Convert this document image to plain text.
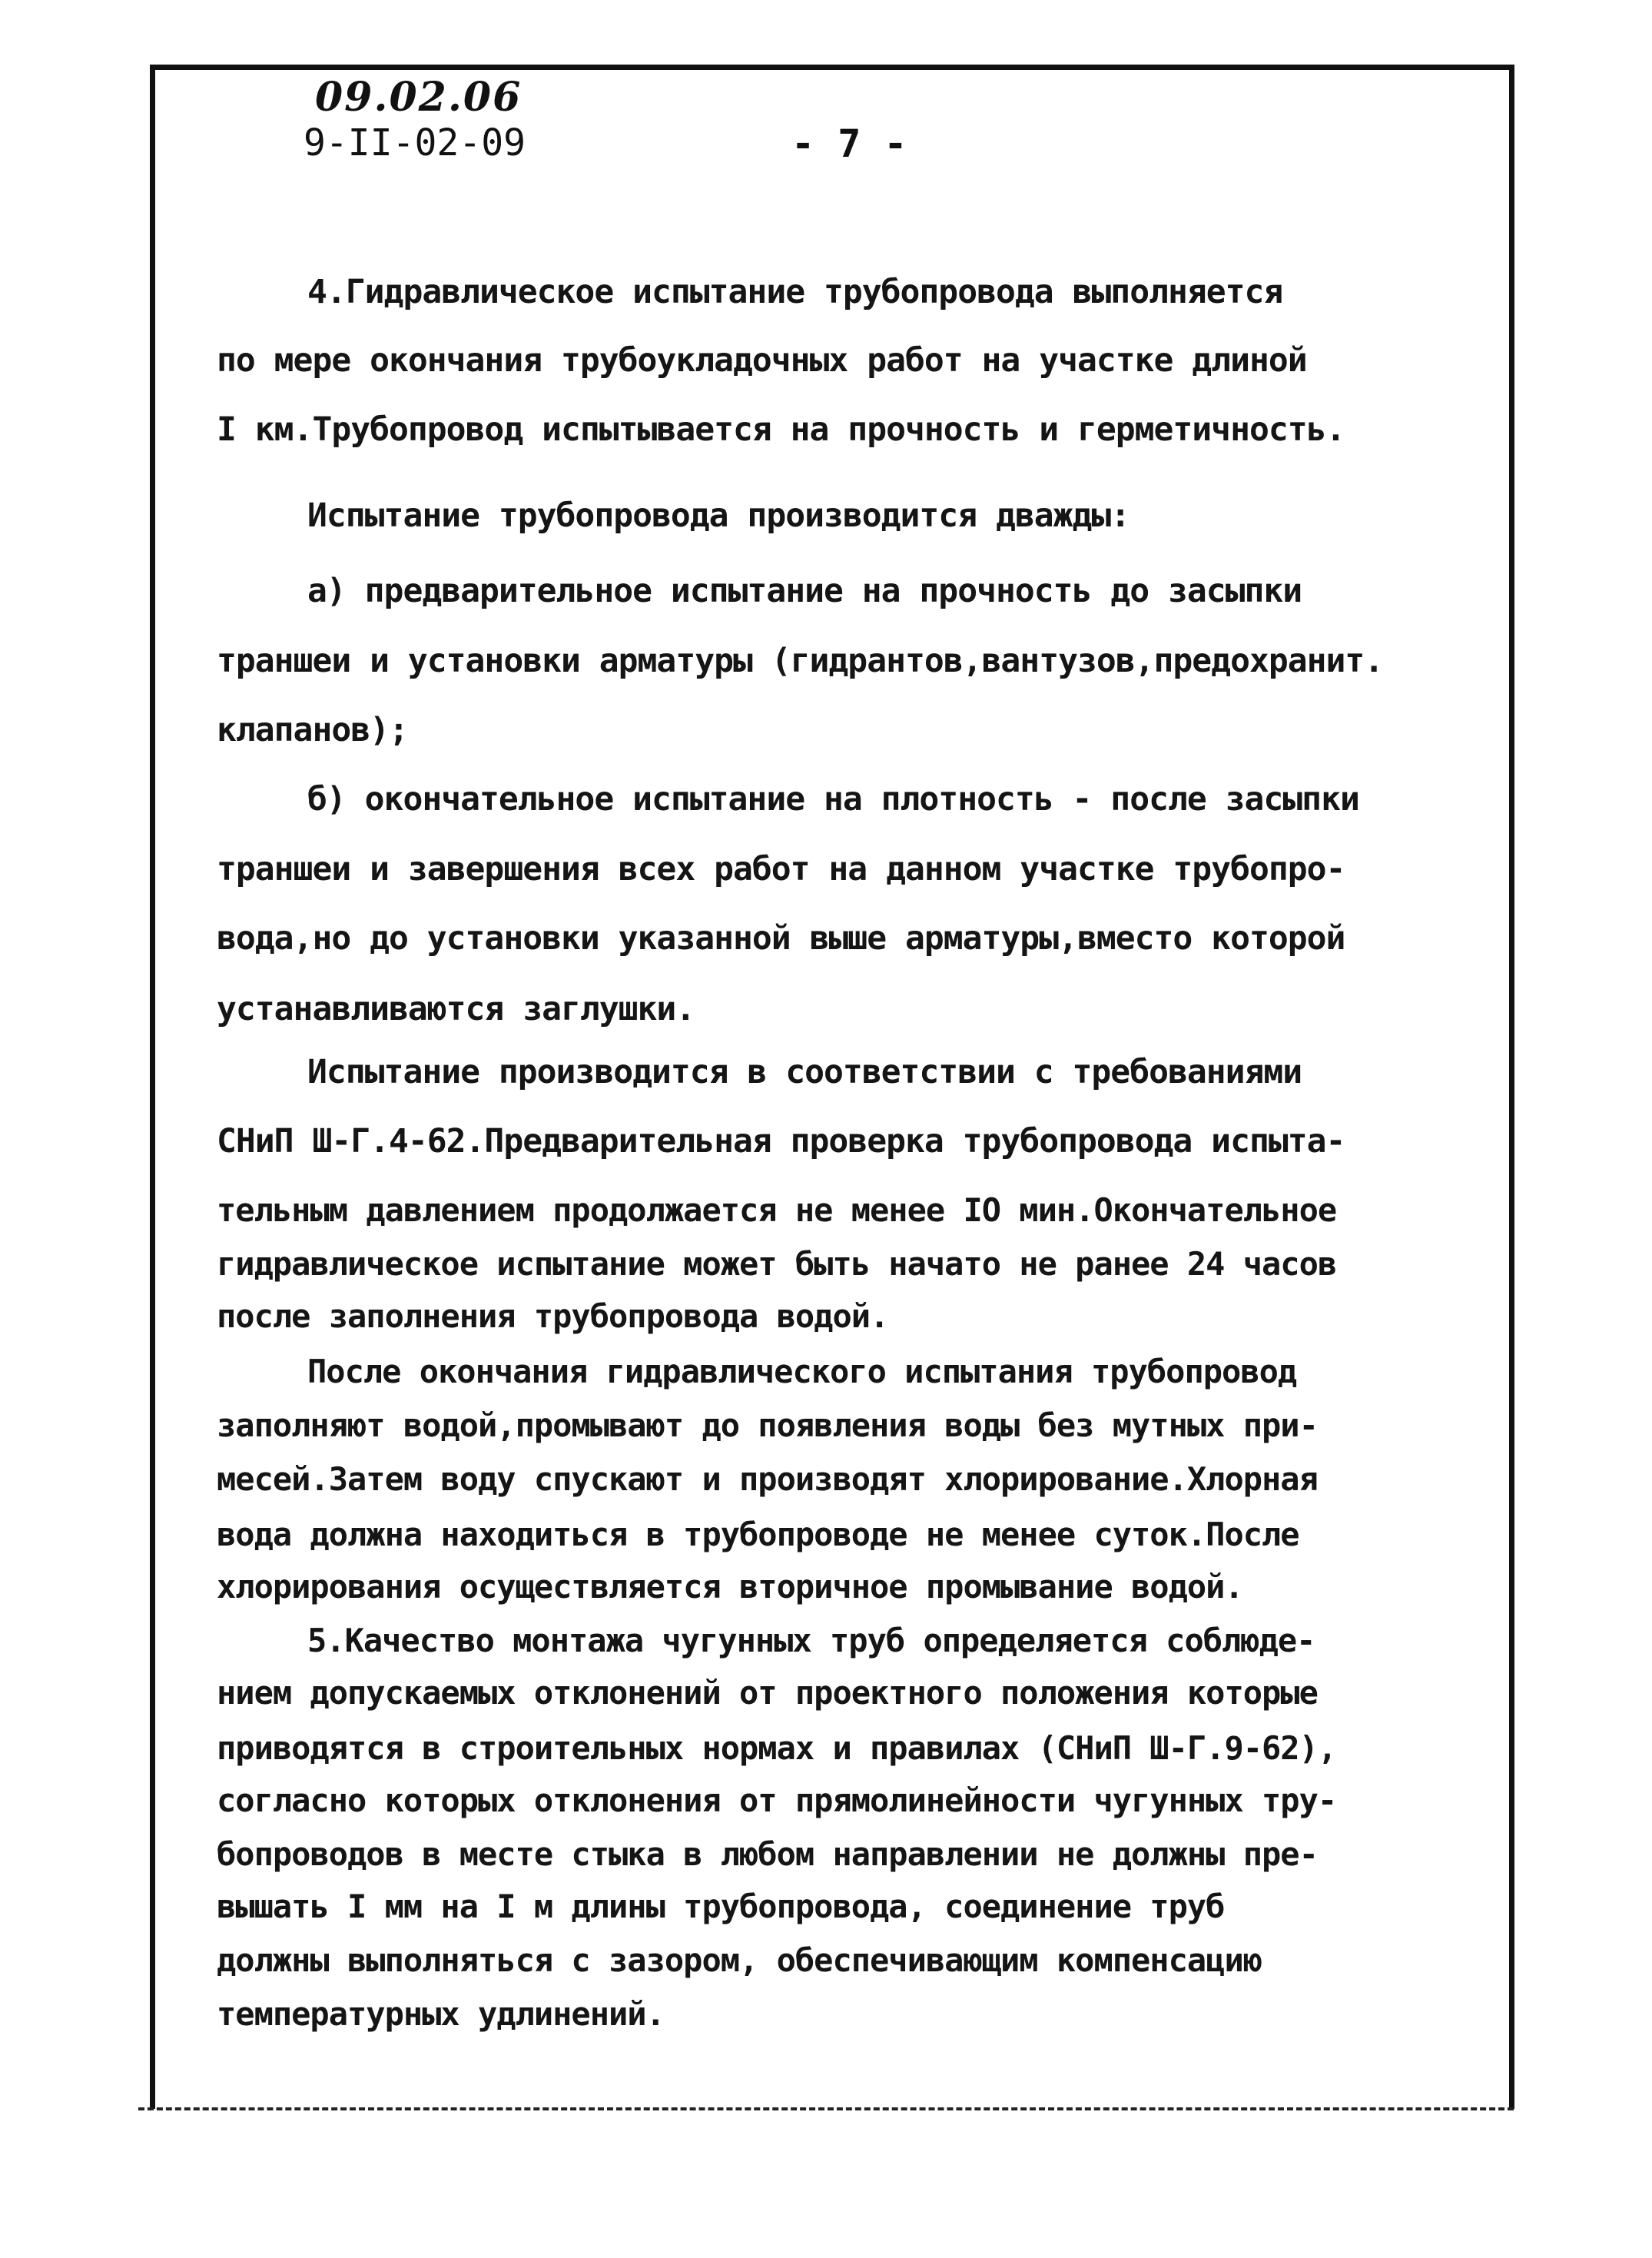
09.02.06
9-II-02-09	- 7 -
4.Гидравлическое испытание трубопровода выполняется
по мере окончания трубоукладочных работ на участке длиной
I км.Трубопровод испытывается на прочность и герметичность.
Испытание трубопровода производится дважды:
а) предварительное испытание на прочность до засыпки
траншеи и установки арматуры (гидрантов,вантузов,предохранит.
клапанов);
б) окончательное испытание на плотность - после засыпки
траншеи и завершения всех работ на данном участке трубопро-
вода,но до установки указанной выше арматуры,вместо которой
устанавливаются заглушки.
Испытание производится в соответствии с требованиями
СНиП Ш-Г.4-62.Предварительная проверка трубопровода испыта-
тельным давлением продолжается не менее IO мин.Окончательное
гидравлическое испытание может быть начато не ранее 24 часов
после заполнения трубопровода водой.
После окончания гидравлического испытания трубопровод
заполняют водой,промывают до появления воды без мутных при-
месей.Затем воду спускают и производят хлорирование.Хлорная
вода должна находиться в трубопроводе не менее суток.После
хлорирования осуществляется вторичное промывание водой.
5.Качество монтажа чугунных труб определяется соблюде-
нием допускаемых отклонений от проектного положения которые
приводятся в строительных нормах и правилах (СНиП Ш-Г.9-62),
согласно которых отклонения от прямолинейности чугунных тру-
бопроводов в месте стыка в любом направлении не должны пре-
вышать I мм на I м длины трубопровода, соединение труб
должны выполняться с зазором, обеспечивающим компенсацию
температурных удлинений.
